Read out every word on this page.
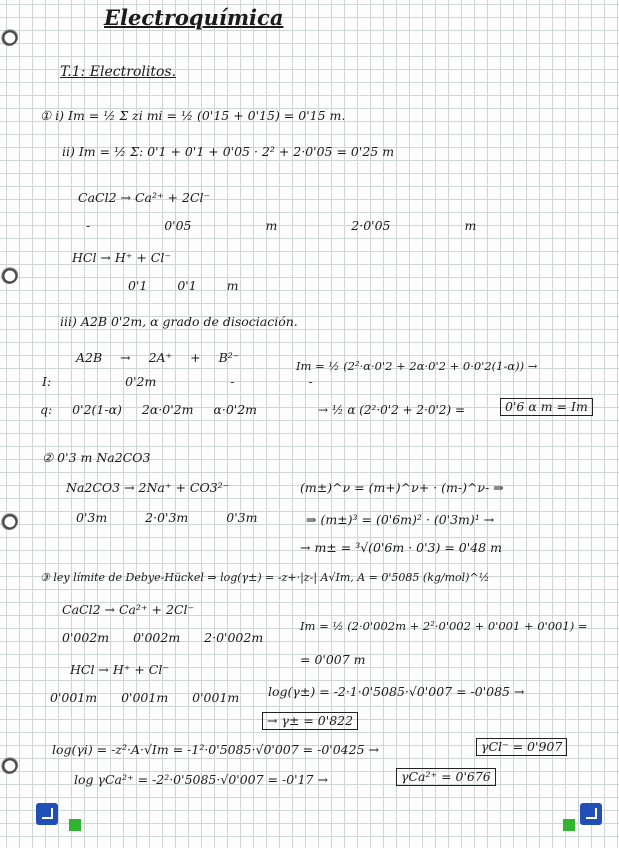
Electroquímica
T.1: Electrolitos.
① i) Im = ½ Σ zi mi = ½ (0'15 + 0'15) = 0'15 m.
ii) Im = ½ Σ: 0'1 + 0'1 + 0'05 · 2² + 2·0'05 = 0'25 m
CaCl2 → Ca²⁺ + 2Cl⁻
- 0'05 m 2·0'05 m
HCl → H⁺ + Cl⁻
0'1 0'1 m
iii) A2B 0'2m, α grado de disociación.
A2B → 2A⁺ + B²⁻
Im = ½ (2²·α·0'2 + 2α·0'2 + 0·0'2(1-α)) →
I: 0'2m - -
q: 0'2(1-α) 2α·0'2m α·0'2m	→ ½ α (2²·0'2 + 2·0'2) =	0'6 α m = Im
② 0'3 m Na2CO3
Na2CO3 → 2Na⁺ + CO3²⁻	(m±)^ν = (m+)^ν+ · (m-)^ν- ⇒
0'3m 2·0'3m 0'3m	⇒ (m±)³ = (0'6m)² · (0'3m)¹ →
→ m± = ³√(0'6m · 0'3) = 0'48 m
③ ley límite de Debye-Hückel ⇒ log(γ±) = -z+·|z-| A√Im, A = 0'5085 (kg/mol)^½
CaCl2 → Ca²⁺ + 2Cl⁻
Im = ½ (2·0'002m + 2²·0'002 + 0'001 + 0'001) =
0'002m 0'002m 2·0'002m
= 0'007 m
HCl → H⁺ + Cl⁻
0'001m 0'001m 0'001m log(γ±) = -2·1·0'5085·√0'007 = -0'085 →
→ γ± = 0'822
log(γi) = -z²·A·√Im = -1²·0'5085·√0'007 = -0'0425 →	γCl⁻ = 0'907
log γCa²⁺ = -2²·0'5085·√0'007 = -0'17 →	γCa²⁺ = 0'676
